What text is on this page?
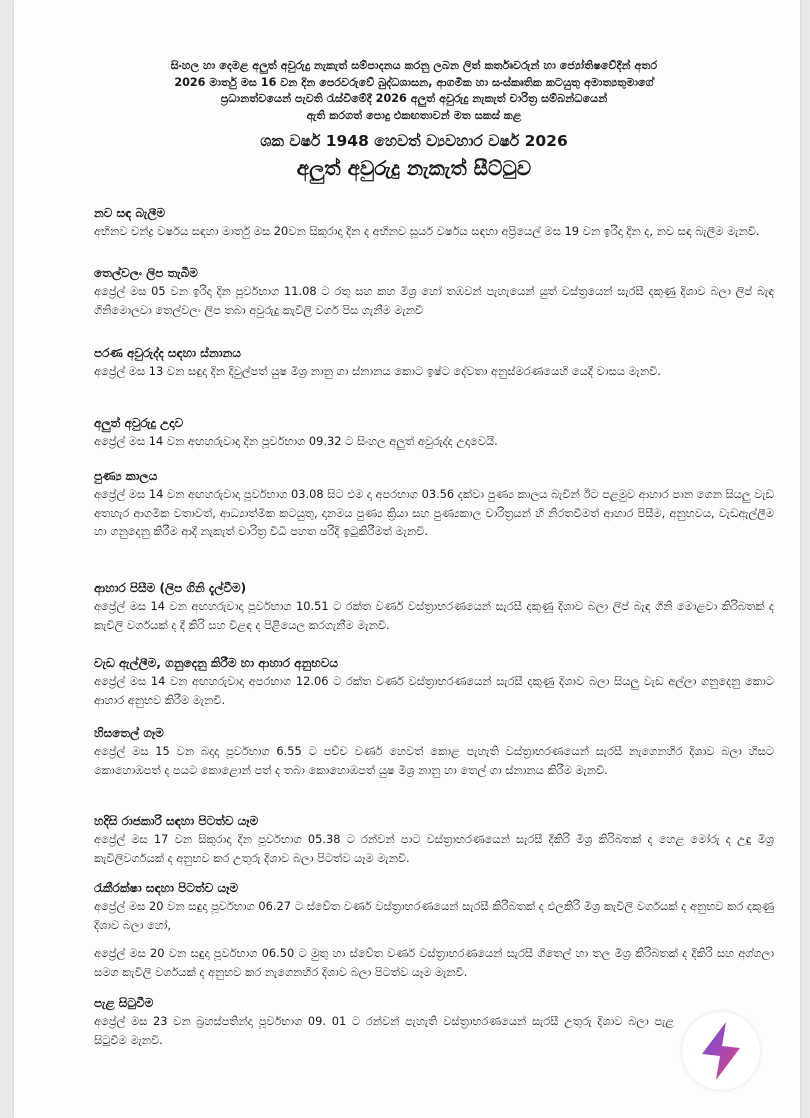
සිංහල හා දෙමළ අලුත් අවුරුදු නැකැත් සම්පාදනය කරනු ලබන ලිත් කර්තෘවරුන් හා ජ්‍යෝතිෂවේදීන් අතර
2026 මාර්තු මස 16 වන දින පෙරවරුවේ බුද්ධශාසන, ආගමික හා සංස්කෘතික කටයුතු අමාත්‍යතුමාගේ
ප්‍රධානත්වයෙන් පැවති රැස්වීමේදී 2026 අලුත් අවුරුදු නැකැත් චාරිත්‍ර සම්බන්ධයෙන්
ඇති කරගත් පොදු එකඟතාවන් මත සකස් කළ
ශක වර්ෂ 1948 හෙවත් ව්‍යවහාර වර්ෂ 2026
අලුත් අවුරුදු නැකැත් සීට්ටුව
නව සඳ බැලීම

අභිනව චන්ද්‍ර වර්ෂය සඳහා මාර්තු මස 20වන සිකුරාදා දින ද අභිනව සූර්ය වර්ෂය සඳහා අප්‍රියෙල් මස 19 වන ඉරිදා දින ද, නව සඳ බැලීම මැනවි.

තෙල්වලං ලිප තැබීම

අප්‍රේල් මස 05 වන ඉරිදා දින පූර්වභාග 11.08 ට රතු සහ කහ මිශ්‍ර හෝ තඹවන් පැහැයෙන් යුත් වස්ත්‍රයෙන් සැරසී දකුණු දිශාව බලා ලිප් බැඳ ගිනිමොලවා තෙල්වලං ලිප තබා අවුරුදු කැවිලි වර්ග පිස ගැනීම මැනවි

පරණ අවුරුද්ද සඳහා ස්නානය

අප්‍රේල් මස 13 වන සඳුදා දින දිවුල්පත් යුෂ මිශ්‍ර නානු ගා ස්නානය කොට ඉෂ්ට දේවතා අනුස්මරණයෙහි යෙදී වාසය මැනවි.

අලුත් අවුරුදු උදාව

අප්‍රේල් මස 14 වන අඟහරුවාදා දින පූර්වභාග 09.32 ට සිංහල අලුත් අවුරුද්ද උදාවෙයි.

පුණ්‍ය කාලය

අප්‍රේල් මස 14 වන අඟහරුවාදා පූර්වභාග 03.08 සිට එම දා අපරභාග 03.56 දක්වා පුණ්‍ය කාලය බැවින් ඊට පළමුව ආහාර පාන ගෙන සියලු වැඩ අතහැර ආගමික වතාවත්, ආධ්‍යාත්මික කටයුතු, දානමය පුණ්‍ය ක්‍රියා සහ පුණ්‍යකාල චාරිත්‍රයන් හි නිරතවීමත් ආහාර පිසීම, අනුභවය, වැඩඇල්ලීම හා ගනුදෙනු කිරීම ආදී නැකැත් චාරිත්‍ර විධි පහත පරිදි ඉටුකිරීමත් මැනවි.

ආහාර පිසීම (ලිප ගිනි දැල්වීම)

අප්‍රේල් මස 14 වන අඟහරුවාදා පූර්වභාග 10.51 ට රක්ත වර්ණ වස්ත්‍රාභරණයෙන් සැරසී දකුණු දිශාව බලා ලිප් බැඳ ගිනි මොළවා කිරිබතක් ද කැවිලි වර්ගයක් ද දී කිරි සහ විළඳ ද පිළියෙල කරගැනීම මැනවි.

වැඩ ඇල්ලීම, ගනුදෙනු කිරීම හා ආහාර අනුභවය

අප්‍රේල් මස 14 වන අඟහරුවාදා අපරභාග 12.06 ට රක්ත වර්ණ වස්ත්‍රාභරණයෙන් සැරසී දකුණු දිශාව බලා සියලු වැඩ අල්ලා ගනුදෙනු කොට ආහාර අනුභව කිරීම මැනවි.

හිසතෙල් ගෑම

අප්‍රේල් මස 15 වන බදාදා පූර්වභාග 6.55 ට පච්ච වර්ණ හෙවත් කොළ පැහැති වස්ත්‍රාභරණයෙන් සැරසී නැගෙනහිර දිශාව බලා හිසට කොහොඹපත් ද පයට කොළොන් පත් ද තබා කොහොඹපත් යුෂ මිශ්‍ර නානු හා තෙල් ගා ස්නානය කිරීම මැනවි.

හදිසි රාජකාරි සඳහා පිටත්ව යෑම

අප්‍රේල් මස 17 වන සිකුරාදා දින පූර්වභාග 05.38 ට රන්වන් පාට වස්ත්‍රාභරණයෙන් සැරසී දීකිරි මිශ්‍ර කිරිබතක් ද හෙළ මෝරු ද උඳු මිශ්‍ර කැවිලිවර්ගයක් ද අනුභව කර උතුරු දිශාව බලා පිටත්ව යෑම මැනවි.

රැකීරක්ෂා සඳහා පිටත්ව යෑම

අප්‍රේල් මස 20 වන සඳුදා පූර්වභාග 06.27 ට ස්වේත වර්ණ වස්ත්‍රාභරණයෙන් සැරසී කිරිබතක් ද එලකිරි මිශ්‍ර කැවිලි වර්ගයක් ද අනුභව කර දකුණු දිශාව බලා හෝ,

අප්‍රේල් මස 20 වන සඳුදා පූර්වභාග 06.50 ට මුතු හා ස්වේත වර්ණ වස්ත්‍රාභරණයෙන් සැරසී ගිතෙල් හා තල මිශ්‍ර කිරිබතක් ද දීකිරි සහ අග්ගලා සමග කැවිලි වර්ගයක් ද අනුභව කර නැගෙනහිර දිශාව බලා පිටත්ව යෑම මැනවි.

පැළ සිටුවීම

අප්‍රේල් මස 23 වන බ්‍රහස්පතින්දා පූර්වභාග 09. 01 ට රන්වන් පැහැති වස්ත්‍රාභරණයෙන් සැරසී උතුරු දිශාව බලා පැළ සිටුවීම මැනවි.
